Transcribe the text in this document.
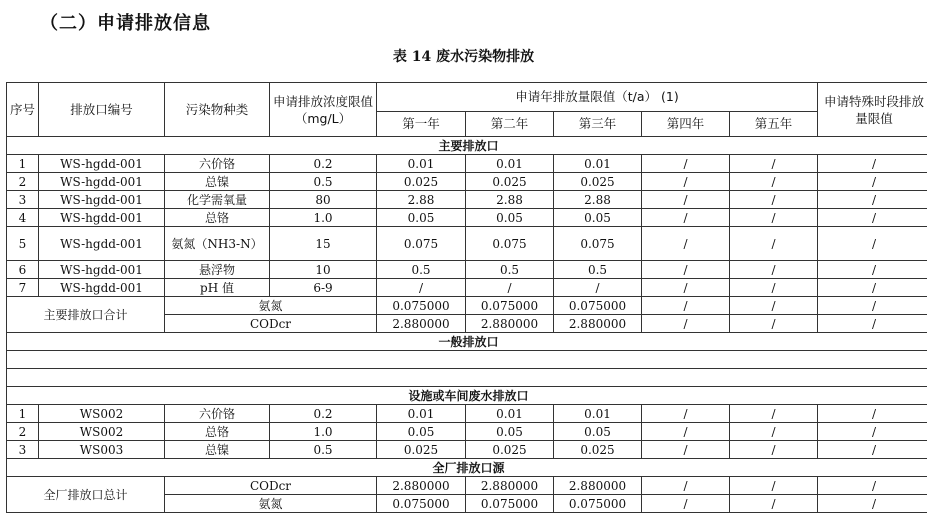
（二）申请排放信息
表 14 废水污染物排放
序号	排放口编号	污染物种类	申请排放浓度限值（mg/L）	申请年排放量限值（t/a） (1)					申请特殊时段排放量限值
				第一年	第二年	第三年	第四年	第五年	
主要排放口									
1	WS-hgdd-001	六价铬	0.2	0.01	0.01	0.01	/	/	/
2	WS-hgdd-001	总镍	0.5	0.025	0.025	0.025	/	/	/
3	WS-hgdd-001	化学需氧量	80	2.88	2.88	2.88	/	/	/
4	WS-hgdd-001	总铬	1.0	0.05	0.05	0.05	/	/	/
5	WS-hgdd-001	氨氮（NH3-N）	15	0.075	0.075	0.075	/	/	/
6	WS-hgdd-001	悬浮物	10	0.5	0.5	0.5	/	/	/
7	WS-hgdd-001	pH 值	6-9	/	/	/	/	/	/
主要排放口合计		氨氮		0.075000	0.075000	0.075000	/	/	/
		CODcr		2.880000	2.880000	2.880000	/	/	/
一般排放口									

设施或车间废水排放口									
1	WS002	六价铬	0.2	0.01	0.01	0.01	/	/	/
2	WS002	总铬	1.0	0.05	0.05	0.05	/	/	/
3	WS003	总镍	0.5	0.025	0.025	0.025	/	/	/
全厂排放口源									
全厂排放口总计		CODcr		2.880000	2.880000	2.880000	/	/	/
		氨氮		0.075000	0.075000	0.075000	/	/	/
